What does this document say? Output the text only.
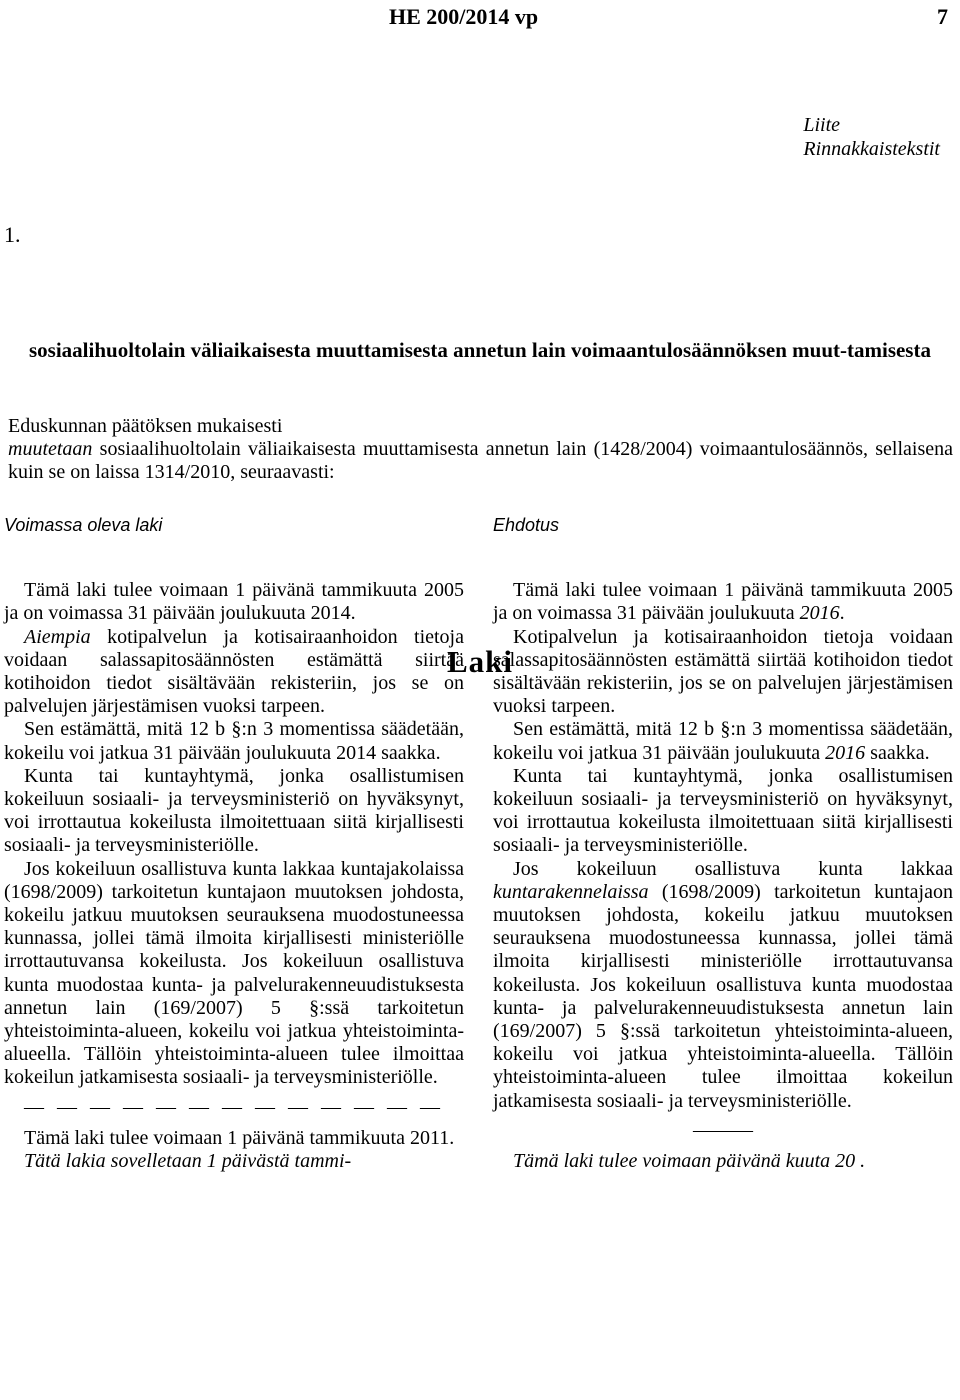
HE 200/2014 vp	7
Liite
Rinnakkaistekstit
1.
Laki
sosiaalihuoltolain väliaikaisesta muuttamisesta annetun lain voimaantulosäännöksen muut-tamisesta

Eduskunnan päätöksen mukaisesti

muutetaan sosiaalihuoltolain väliaikaisesta muuttamisesta annetun lain (1428/2004) voimaantulosäännös, sellaisena kuin se on laissa 1314/2010, seuraavasti:

Voimassa oleva laki

Tämä laki tulee voimaan 1 päivänä tammikuuta 2005 ja on voimassa 31 päivään joulukuuta 2014.

Aiempia kotipalvelun ja kotisairaanhoidon tietoja voidaan salassapitosäännösten estämättä siirtää kotihoidon tiedot sisältävään rekisteriin, jos se on palvelujen järjestämisen vuoksi tarpeen.

Sen estämättä, mitä 12 b §:n 3 momentissa säädetään, kokeilu voi jatkua 31 päivään joulukuuta 2014 saakka.

Kunta tai kuntayhtymä, jonka osallistumisen kokeiluun sosiaali- ja terveysministeriö on hyväksynyt, voi irrottautua kokeilusta ilmoitettuaan siitä kirjallisesti sosiaali- ja terveysministeriölle.

Jos kokeiluun osallistuva kunta lakkaa kuntajakolaissa (1698/2009) tarkoitetun kuntajaon muutoksen johdosta, kokeilu jatkuu muutoksen seurauksena muodostuneessa kunnassa, jollei tämä ilmoita kirjallisesti ministeriölle irrottautuvansa kokeilusta. Jos kokeiluun osallistuva kunta muodostaa kunta- ja palvelurakenneuudistuksesta annetun lain (169/2007) 5 §:ssä tarkoitetun yhteistoiminta-alueen, kokeilu voi jatkua yhteistoiminta-alueella. Tällöin yhteistoiminta-alueen tulee ilmoittaa kokeilun jatkamisesta sosiaali- ja terveysministeriölle.

— — — — — — — — — — — — —

Tämä laki tulee voimaan 1 päivänä tammikuuta 2011.

Tätä lakia sovelletaan 1 päivästä tammi-

Ehdotus

Tämä laki tulee voimaan 1 päivänä tammikuuta 2005 ja on voimassa 31 päivään joulukuuta 2016.

Kotipalvelun ja kotisairaanhoidon tietoja voidaan salassapitosäännösten estämättä siirtää kotihoidon tiedot sisältävään rekisteriin, jos se on palvelujen järjestämisen vuoksi tarpeen.

Sen estämättä, mitä 12 b §:n 3 momentissa säädetään, kokeilu voi jatkua 31 päivään joulukuuta 2016 saakka.

Kunta tai kuntayhtymä, jonka osallistumisen kokeiluun sosiaali- ja terveysministeriö on hyväksynyt, voi irrottautua kokeilusta ilmoitettuaan siitä kirjallisesti sosiaali- ja terveysministeriölle.

Jos kokeiluun osallistuva kunta lakkaa kuntarakennelaissa (1698/2009) tarkoitetun kuntajaon muutoksen johdosta, kokeilu jatkuu muutoksen seurauksena muodostuneessa kunnassa, jollei tämä ilmoita kirjallisesti ministeriölle irrottautuvansa kokeilusta. Jos kokeiluun osallistuva kunta muodostaa kunta- ja palvelurakenneuudistuksesta annetun lain (169/2007) 5 §:ssä tarkoitetun yhteistoiminta-alueen, kokeilu voi jatkua yhteistoiminta-alueella. Tällöin yhteistoiminta-alueen tulee ilmoittaa kokeilun jatkamisesta sosiaali- ja terveysministeriölle.

———

Tämä laki tulee voimaan päivänä kuuta 20 .
